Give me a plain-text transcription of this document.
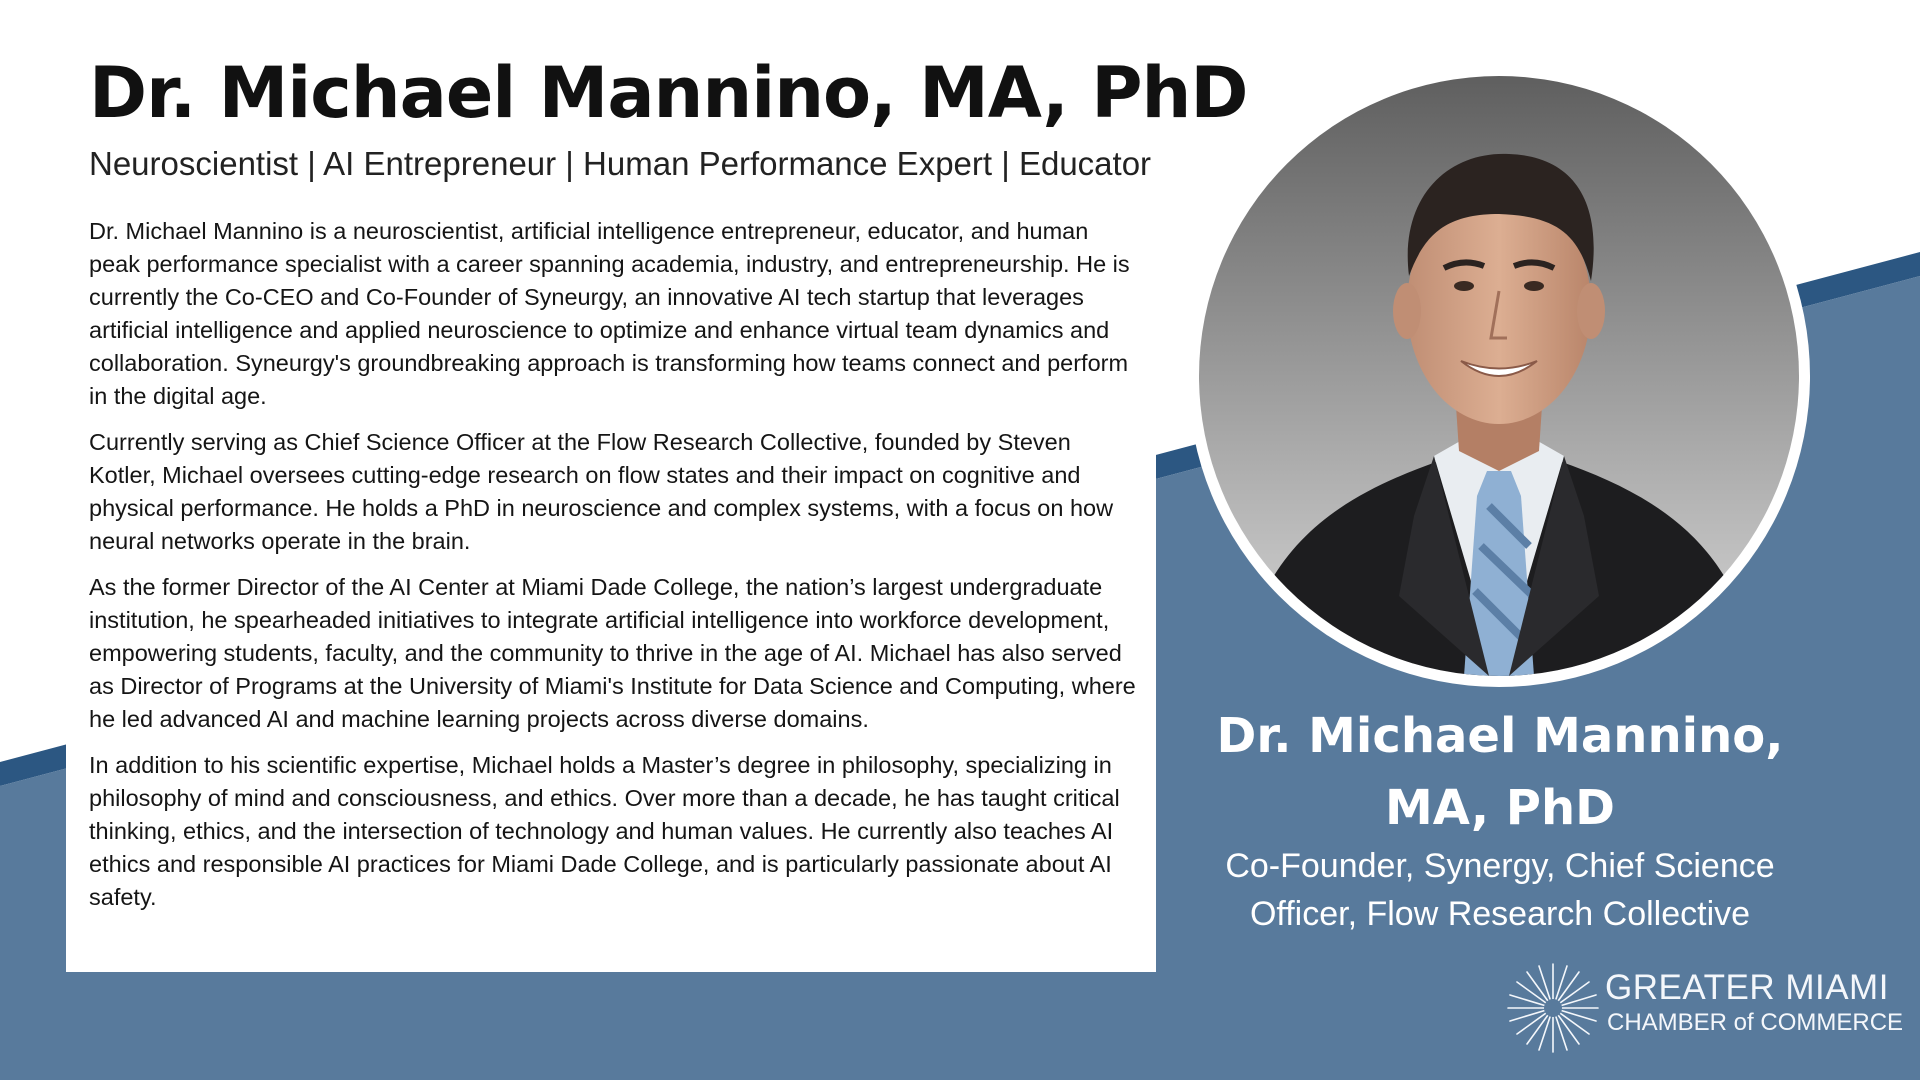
Dr. Michael Mannino, MA, PhD

Neuroscientist | AI Entrepreneur | Human Performance Expert | Educator

Dr. Michael Mannino is a neuroscientist, artificial intelligence entrepreneur, educator, and human peak performance specialist with a career spanning academia, industry, and entrepreneurship. He is currently the Co-CEO and Co-Founder of Syneurgy, an innovative AI tech startup that leverages artificial intelligence and applied neuroscience to optimize and enhance virtual team dynamics and collaboration. Syneurgy's groundbreaking approach is transforming how teams connect and perform in the digital age.

Currently serving as Chief Science Officer at the Flow Research Collective, founded by Steven Kotler, Michael oversees cutting-edge research on flow states and their impact on cognitive and physical performance. He holds a PhD in neuroscience and complex systems, with a focus on how neural networks operate in the brain.

As the former Director of the AI Center at Miami Dade College, the nation’s largest undergraduate institution, he spearheaded initiatives to integrate artificial intelligence into workforce development, empowering students, faculty, and the community to thrive in the age of AI. Michael has also served as Director of Programs at the University of Miami's Institute for Data Science and Computing, where he led advanced AI and machine learning projects across diverse domains.

In addition to his scientific expertise, Michael holds a Master’s degree in philosophy, specializing in philosophy of mind and consciousness, and ethics. Over more than a decade, he has taught critical thinking, ethics, and the intersection of technology and human values. He currently also teaches AI ethics and responsible AI practices for Miami Dade College, and is particularly passionate about AI safety.

Dr. Michael Mannino,
MA, PhD

Co-Founder, Synergy, Chief Science
Officer, Flow Research Collective

GREATER MIAMI
CHAMBER of COMMERCE
